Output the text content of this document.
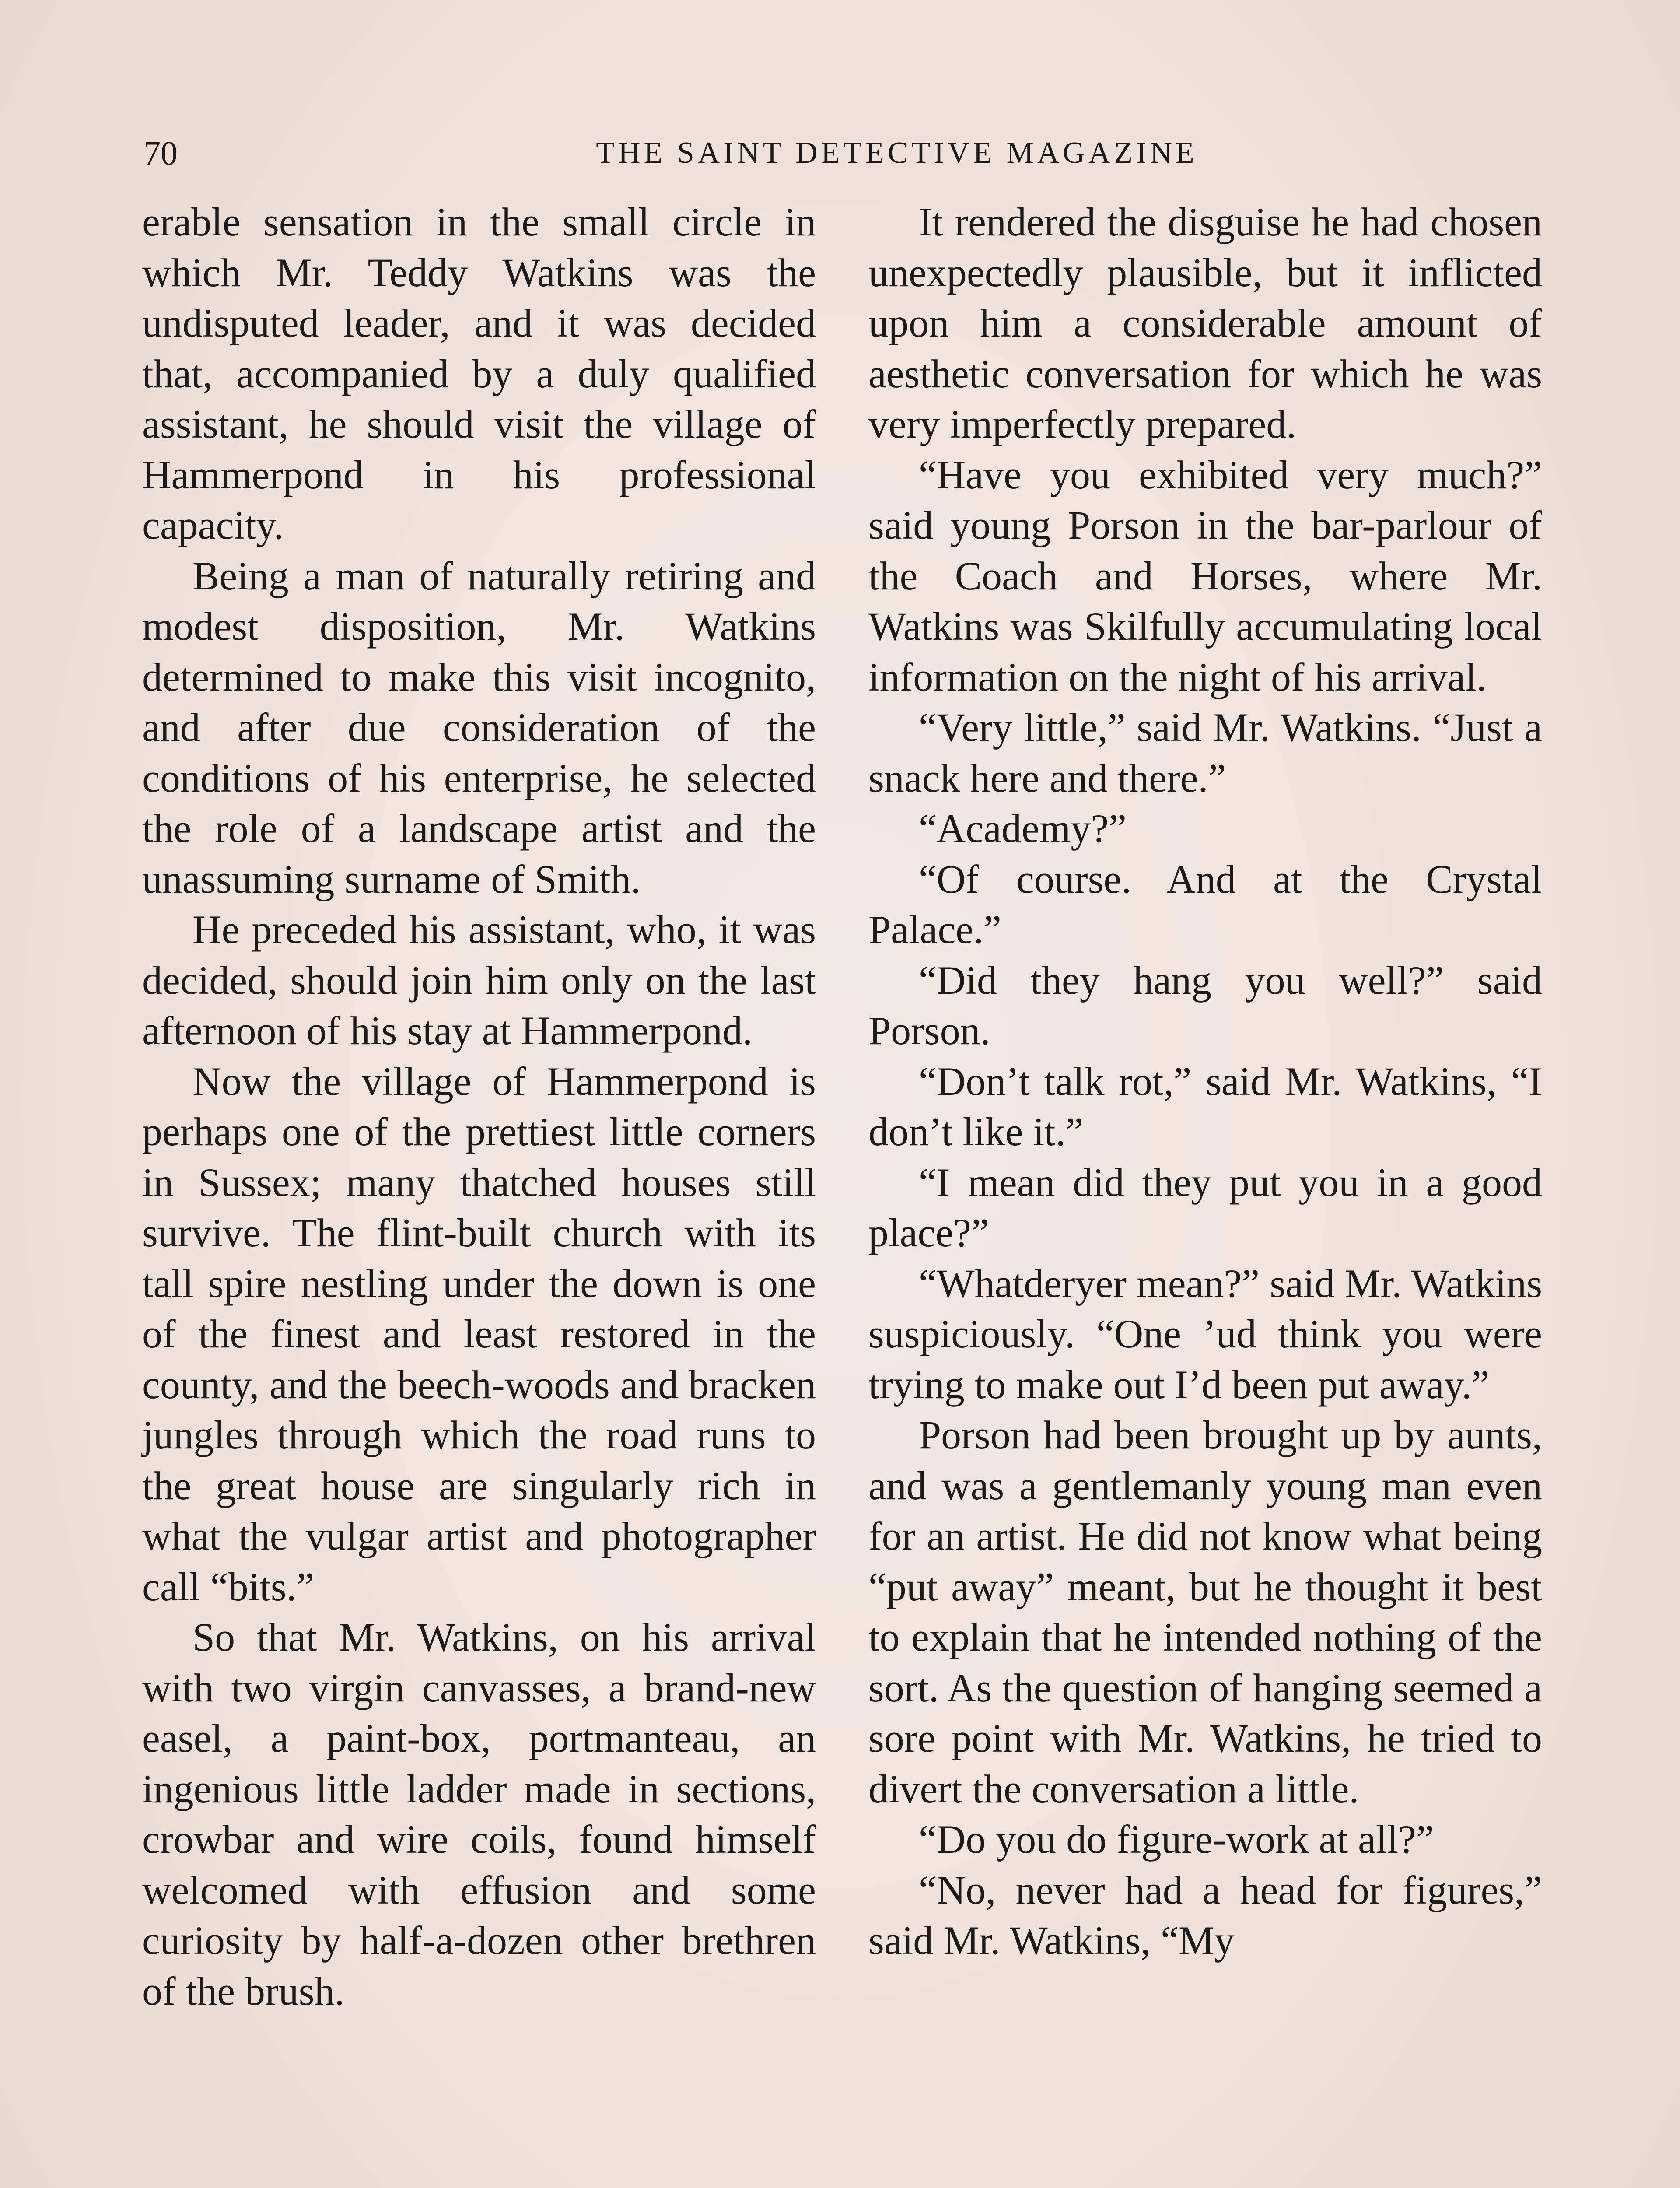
70	THE SAINT DETECTIVE MAGAZINE

erable sensation in the small circle in which Mr. Teddy Watkins was the undisputed leader, and it was decided that, accompanied by a duly qualified assistant, he should visit the village of Hammerpond in his professional capacity.

Being a man of naturally retiring and modest disposition, Mr. Watkins determined to make this visit incognito, and after due consideration of the conditions of his enterprise, he selected the role of a landscape artist and the unassuming surname of Smith.

He preceded his assistant, who, it was decided, should join him only on the last afternoon of his stay at Hammerpond.

Now the village of Hammerpond is perhaps one of the prettiest little corners in Sussex; many thatched houses still survive. The flint-built church with its tall spire nestling under the down is one of the finest and least restored in the county, and the beech-woods and bracken jungles through which the road runs to the great house are singularly rich in what the vulgar artist and photographer call “bits.”

So that Mr. Watkins, on his arrival with two virgin canvasses, a brand-new easel, a paint-box, portmanteau, an ingenious little ladder made in sections, crowbar and wire coils, found himself welcomed with effusion and some curiosity by half-a-dozen other brethren of the brush.

It rendered the disguise he had chosen unexpectedly plausible, but it inflicted upon him a considerable amount of aesthetic conversation for which he was very imperfectly prepared.

“Have you exhibited very much?” said young Porson in the bar-parlour of the Coach and Horses, where Mr. Watkins was Skilfully accumulating local information on the night of his arrival.

“Very little,” said Mr. Watkins. “Just a snack here and there.”

“Academy?”

“Of course. And at the Crystal Palace.”

“Did they hang you well?” said Porson.

“Don’t talk rot,” said Mr. Watkins, “I don’t like it.”

“I mean did they put you in a good place?”

“Whatderyer mean?” said Mr. Watkins suspiciously. “One ’ud think you were trying to make out I’d been put away.”

Porson had been brought up by aunts, and was a gentlemanly young man even for an artist. He did not know what being “put away” meant, but he thought it best to explain that he intended nothing of the sort. As the question of hanging seemed a sore point with Mr. Watkins, he tried to divert the conversation a little.

“Do you do figure-work at all?”

“No, never had a head for figures,” said Mr. Watkins, “My
